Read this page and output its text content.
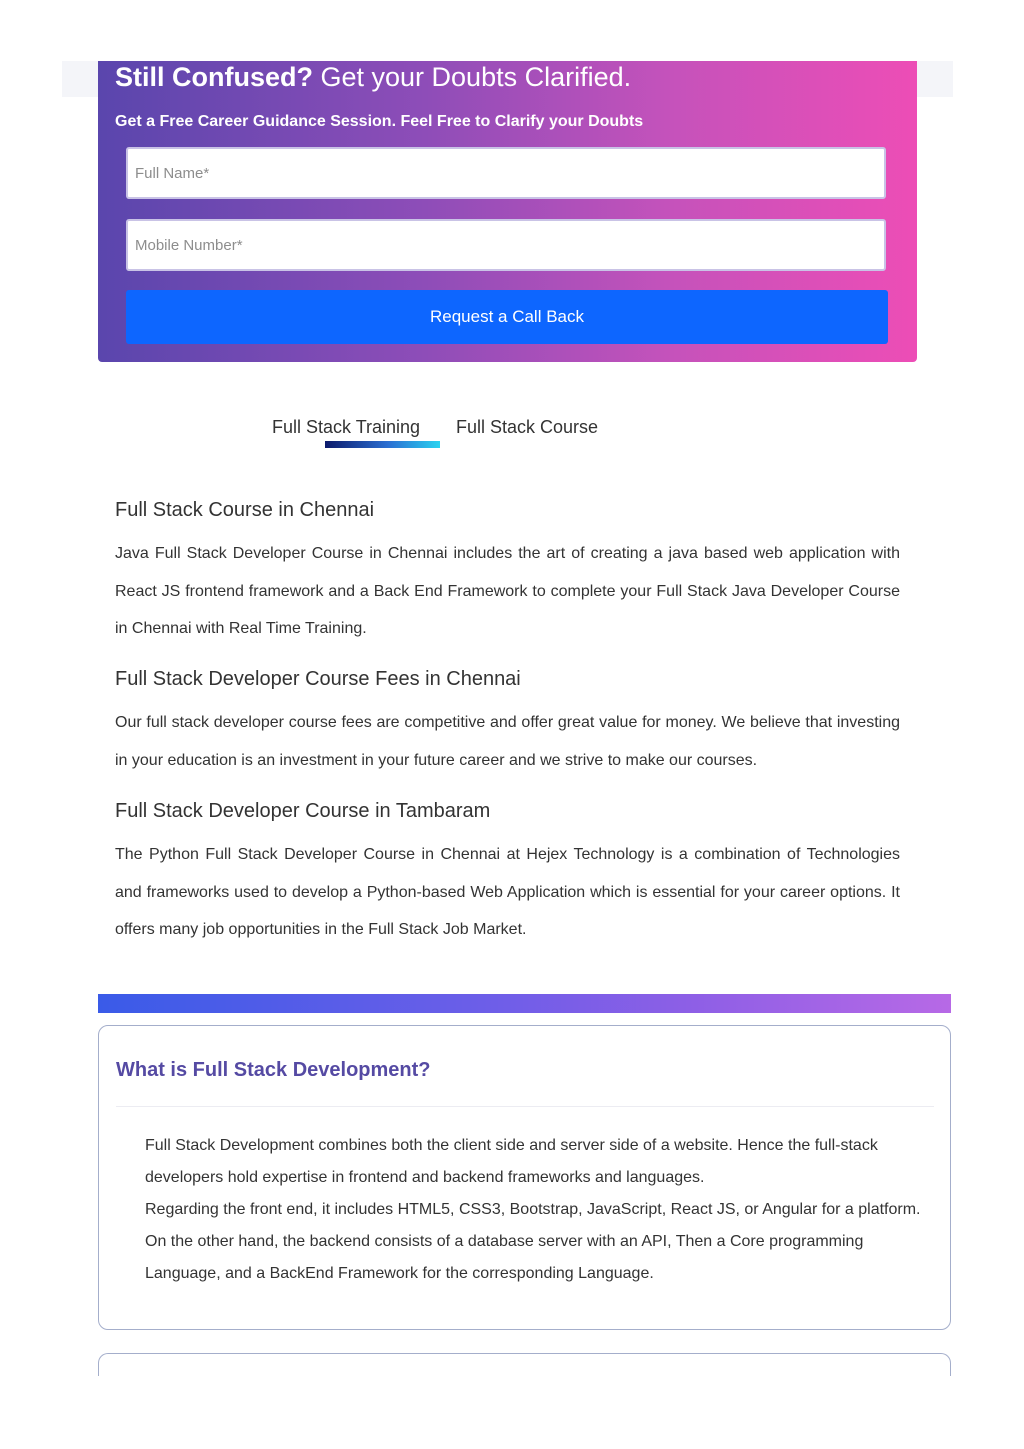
Still Confused? Get your Doubts Clarified.

Get a Free Career Guidance Session. Feel Free to Clarify your Doubts

Full Name*
Mobile Number*
Request a Call Back
Full Stack Training Full Stack Course
Full Stack Course in Chennai

Java Full Stack Developer Course in Chennai includes the art of creating a java based web application with React JS frontend framework and a Back End Framework to complete your Full Stack Java Developer Course in Chennai with Real Time Training.

Full Stack Developer Course Fees in Chennai

Our full stack developer course fees are competitive and offer great value for money. We believe that investing in your education is an investment in your future career and we strive to make our courses.

Full Stack Developer Course in Tambaram

The Python Full Stack Developer Course in Chennai at Hejex Technology is a combination of Technologies and frameworks used to develop a Python-based Web Application which is essential for your career options. It offers many job opportunities in the Full Stack Job Market.

What is Full Stack Development?

Full Stack Development combines both the client side and server side of a website. Hence the full-stack developers hold expertise in frontend and backend frameworks and languages.

Regarding the front end, it includes HTML5, CSS3, Bootstrap, JavaScript, React JS, or Angular for a platform. On the other hand, the backend consists of a database server with an API, Then a Core programming Language, and a BackEnd Framework for the corresponding Language.
